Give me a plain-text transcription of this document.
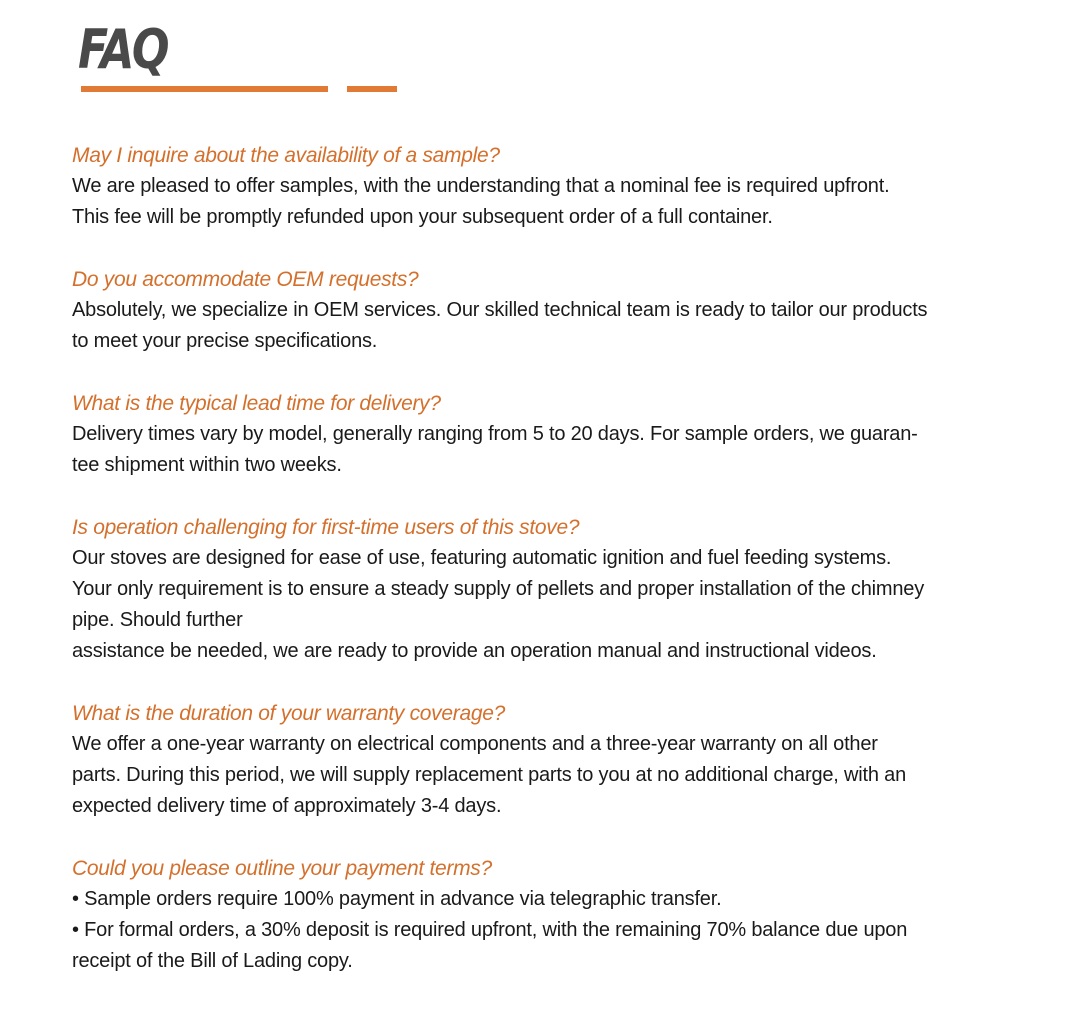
FAQ

May I inquire about the availability of a sample?

We are pleased to offer samples, with the understanding that a nominal fee is required upfront.

This fee will be promptly refunded upon your subsequent order of a full container.

Do you accommodate OEM requests?

Absolutely, we specialize in OEM services. Our skilled technical team is ready to tailor our products

to meet your precise specifications.

What is the typical lead time for delivery?

Delivery times vary by model, generally ranging from 5 to 20 days. For sample orders, we guaran-

tee shipment within two weeks.

Is operation challenging for first-time users of this stove?

Our stoves are designed for ease of use, featuring automatic ignition and fuel feeding systems.

Your only requirement is to ensure a steady supply of pellets and proper installation of the chimney

pipe. Should further

assistance be needed, we are ready to provide an operation manual and instructional videos.

What is the duration of your warranty coverage?

We offer a one-year warranty on electrical components and a three-year warranty on all other

parts. During this period, we will supply replacement parts to you at no additional charge, with an

expected delivery time of approximately 3-4 days.

Could you please outline your payment terms?

• Sample orders require 100% payment in advance via telegraphic transfer.

• For formal orders, a 30% deposit is required upfront, with the remaining 70% balance due upon

receipt of the Bill of Lading copy.
